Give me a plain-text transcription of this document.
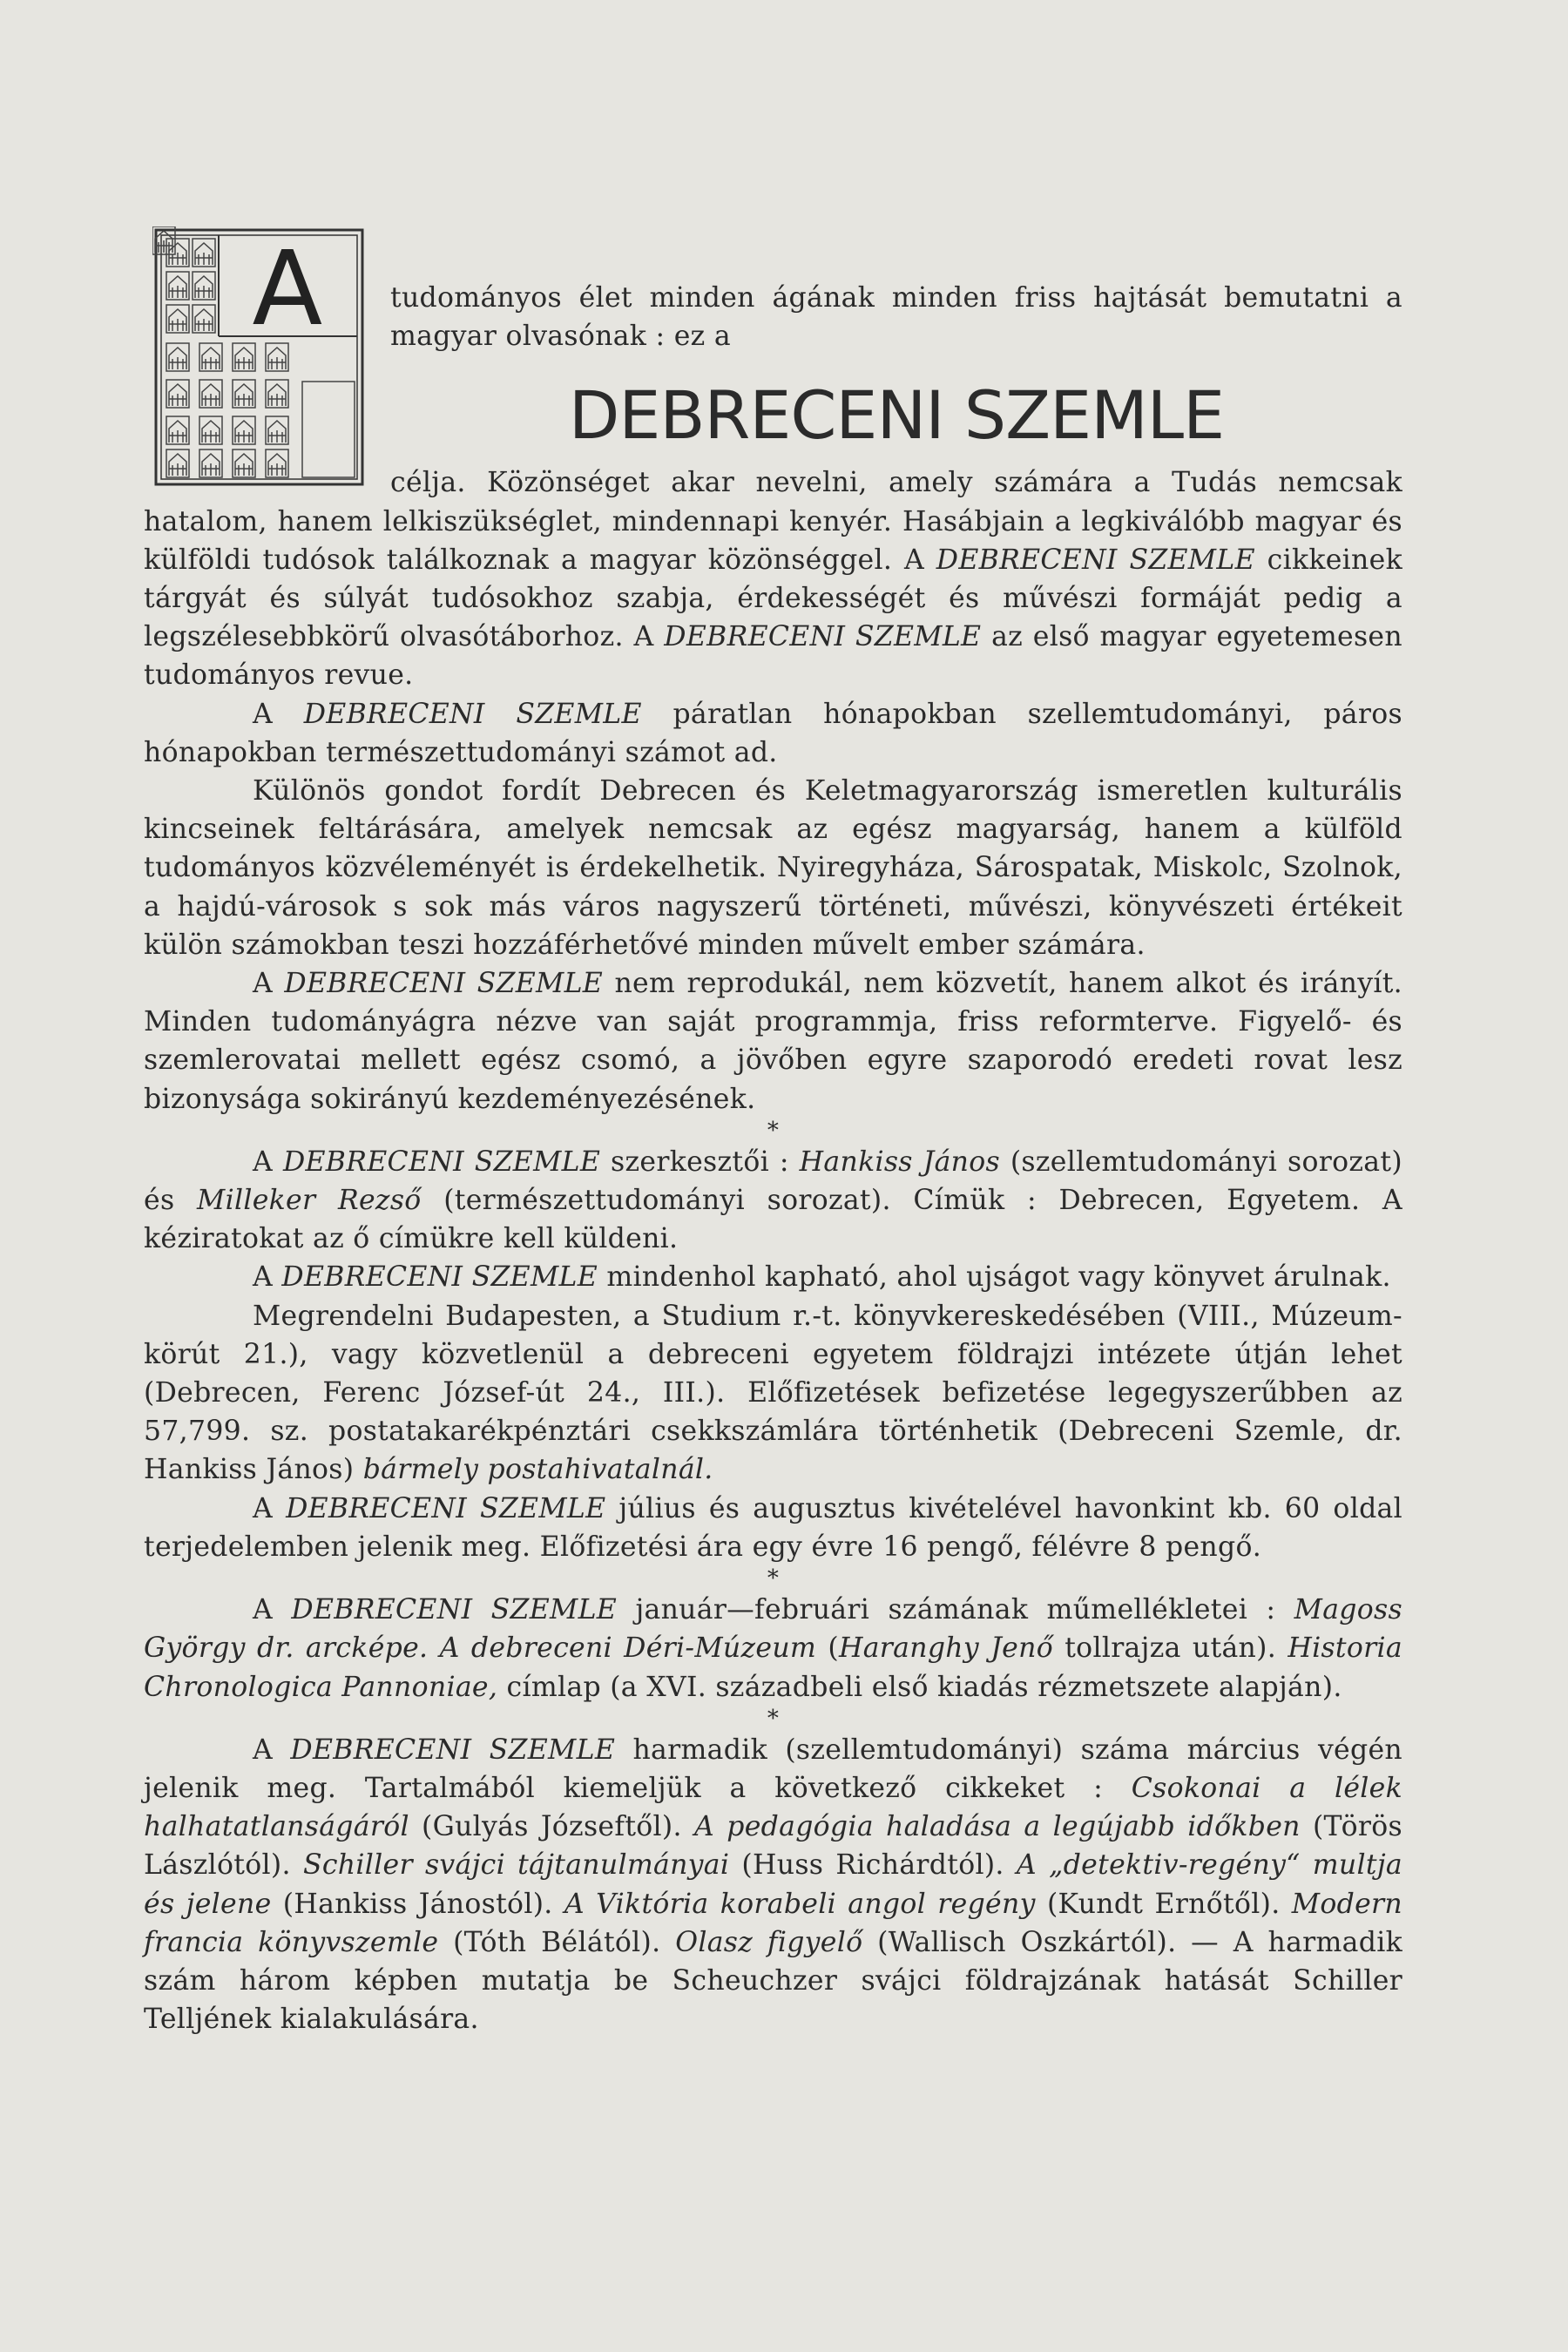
A	tudományos élet minden ágának minden friss hajtását bemutatni a magyar olvasónak : ez a

DEBRECENI SZEMLE

célja. Közönséget akar nevelni, amely számára a Tudás nemcsak hatalom, hanem lelkiszükséglet, mindennapi kenyér. Hasábjain a legkiválóbb magyar és külföldi tudósok találkoznak a magyar közönséggel. A DEBRECENI SZEMLE cikkeinek tárgyát és súlyát tudósokhoz szabja, érdekességét és művészi formáját pedig a legszélesebbkörű olvasótáborhoz. A DEBRECENI SZEMLE az első magyar egyetemesen tudományos revue.

A DEBRECENI SZEMLE páratlan hónapokban szellemtudományi, páros hónapokban természettudományi számot ad.

Különös gondot fordít Debrecen és Keletmagyarország ismeretlen kulturális kincseinek feltárására, amelyek nemcsak az egész magyarság, hanem a külföld tudományos közvéleményét is érdekelhetik. Nyiregyháza, Sárospatak, Miskolc, Szolnok, a hajdú-városok s sok más város nagyszerű történeti, művészi, könyvészeti értékeit külön számokban teszi hozzáférhetővé minden művelt ember számára.

A DEBRECENI SZEMLE nem reprodukál, nem közvetít, hanem alkot és irányít. Minden tudományágra nézve van saját programmja, friss reformterve. Figyelő- és szemlerovatai mellett egész csomó, a jövőben egyre szaporodó eredeti rovat lesz bizonysága sokirányú kezdeményezésének.

*

A DEBRECENI SZEMLE szerkesztői : Hankiss János (szellemtudományi sorozat) és Milleker Rezső (természettudományi sorozat). Címük : Debrecen, Egyetem. A kéziratokat az ő címükre kell küldeni.

A DEBRECENI SZEMLE mindenhol kapható, ahol ujságot vagy könyvet árulnak.

Megrendelni Budapesten, a Studium r.-t. könyvkereskedésében (VIII., Múzeum-körút 21.), vagy közvetlenül a debreceni egyetem földrajzi intézete útján lehet (Debrecen, Ferenc József-út 24., III.). Előfizetések befizetése legegyszerűbben az 57,799. sz. postatakarékpénztári csekkszámlára történhetik (Debreceni Szemle, dr. Hankiss János) bármely postahivatalnál.

A DEBRECENI SZEMLE július és augusztus kivételével havonkint kb. 60 oldal terjedelemben jelenik meg. Előfizetési ára egy évre 16 pengő, félévre 8 pengő.

*

A DEBRECENI SZEMLE január—februári számának műmellékletei : Magoss György dr. arcképe. A debreceni Déri-Múzeum (Haranghy Jenő tollrajza után). Historia Chronologica Pannoniae, címlap (a XVI. századbeli első kiadás rézmetszete alapján).

*

A DEBRECENI SZEMLE harmadik (szellemtudományi) száma március végén jelenik meg. Tartalmából kiemeljük a következő cikkeket : Csokonai a lélek halhatatlanságáról (Gulyás Józseftől). A pedagógia haladása a legújabb időkben (Törös Lászlótól). Schiller svájci tájtanulmányai (Huss Richárdtól). A „detektiv-regény“ multja és jelene (Hankiss Jánostól). A Viktória korabeli angol regény (Kundt Ernőtől). Modern francia könyvszemle (Tóth Bélától). Olasz figyelő (Wallisch Oszkártól). — A harmadik szám három képben mutatja be Scheuchzer svájci földrajzának hatását Schiller Telljének kialakulására.
